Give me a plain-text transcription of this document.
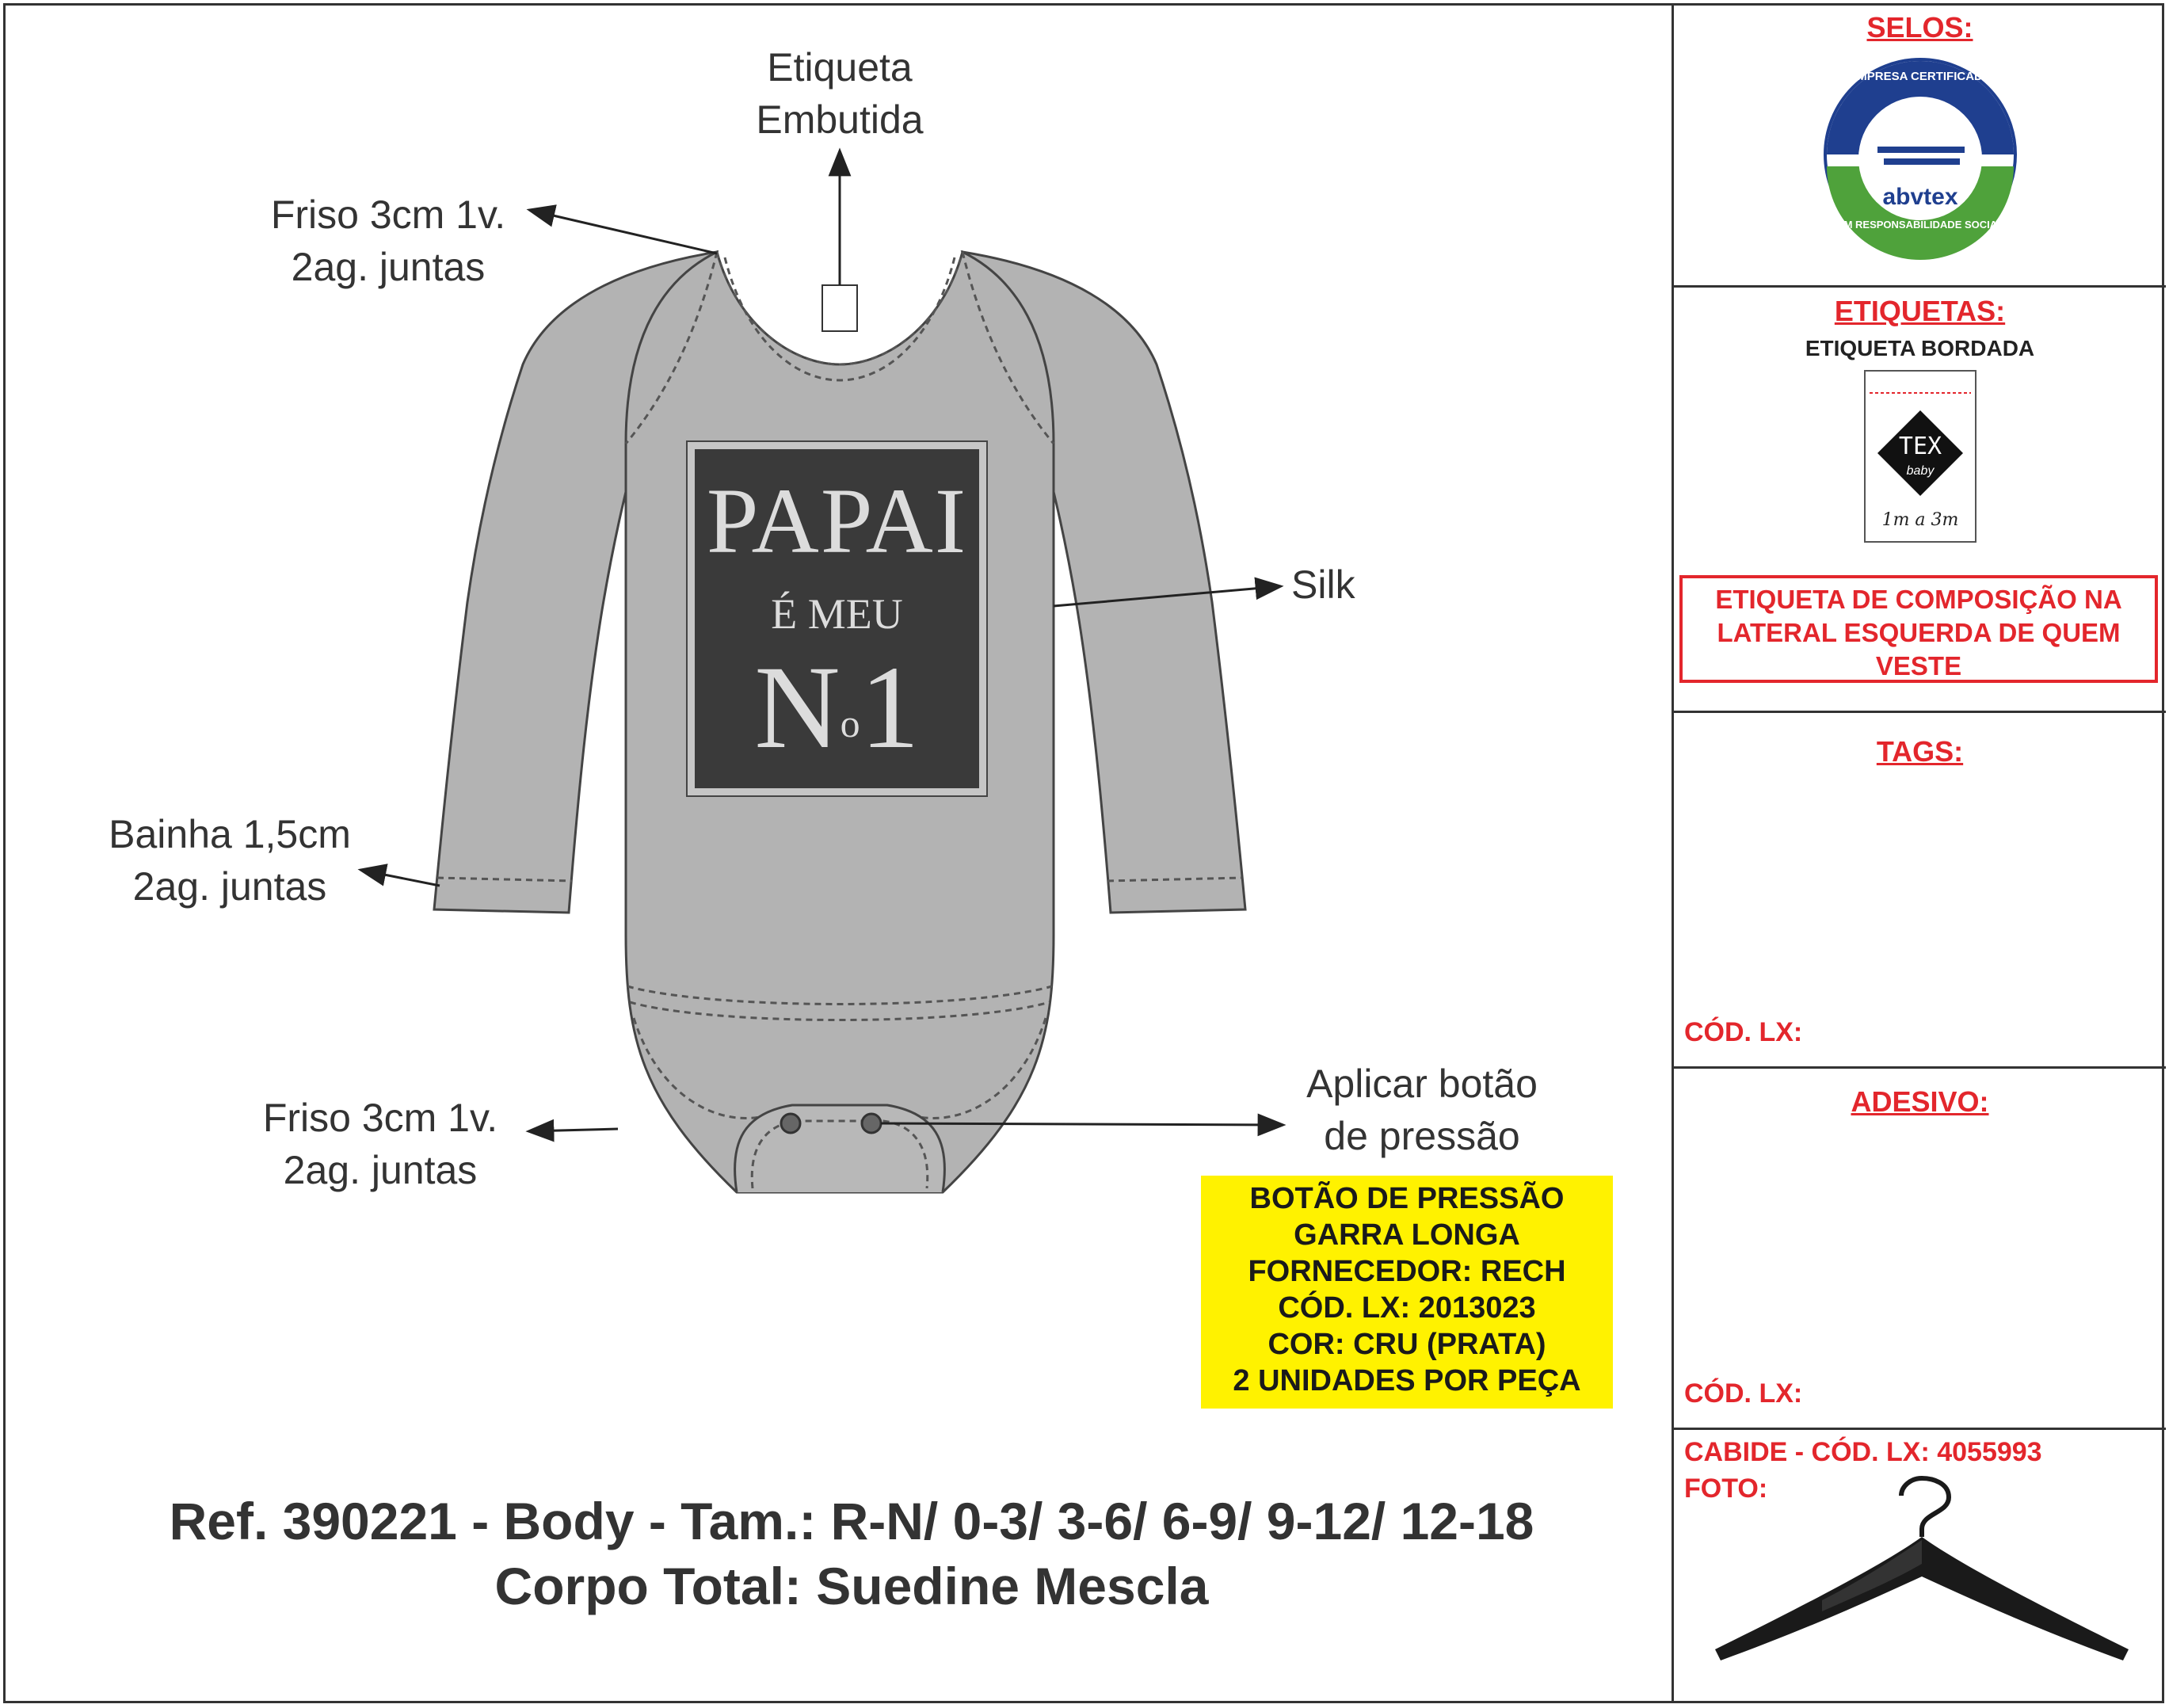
PAPAI
É MEU
$N^o1$
Etiqueta
Embutida
Friso 3cm 1v.
2ag. juntas
Silk
Bainha 1,5cm
2ag. juntas
Friso 3cm 1v.
2ag. juntas
Aplicar botão
de pressão
BOTÃO DE PRESSÃO
GARRA LONGA
FORNECEDOR: RECH
CÓD. LX: 2013023
COR: CRU (PRATA)
2 UNIDADES POR PEÇA
Ref. 390221 - Body - Tam.: R-N/ 0-3/ 3-6/ 6-9/ 9-12/ 12-18
Corpo Total: Suedine Mescla
SELOS:
EMPRESA CERTIFICADA
abvtex
EM RESPONSABILIDADE SOCIAL
ETIQUETAS:
ETIQUETA BORDADA
TEX
baby
1m a 3m
ETIQUETA DE COMPOSIÇÃO NA
LATERAL ESQUERDA DE QUEM
VESTE
TAGS:
CÓD. LX:
ADESIVO:
CÓD. LX:
CABIDE - CÓD. LX: 4055993
FOTO:
